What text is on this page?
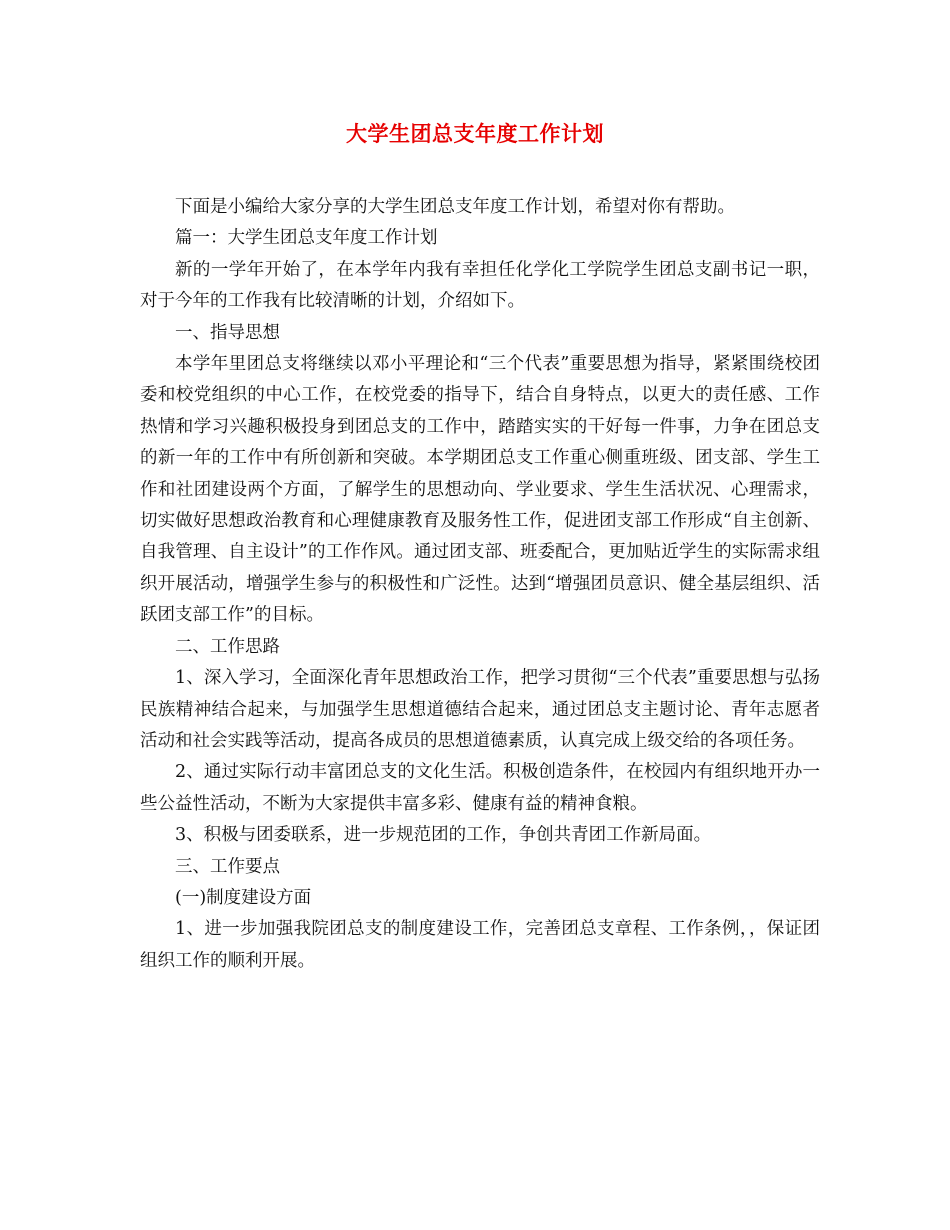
大学生团总支年度工作计划

下面是小编给大家分享的大学生团总支年度工作计划，希望对你有帮助。

篇一：大学生团总支年度工作计划

新的一学年开始了，在本学年内我有幸担任化学化工学院学生团总支副书记一职，对于今年的工作我有比较清晰的计划，介绍如下。

一、指导思想

本学年里团总支将继续以邓小平理论和“三个代表”重要思想为指导，紧紧围绕校团委和校党组织的中心工作，在校党委的指导下，结合自身特点，以更大的责任感、工作热情和学习兴趣积极投身到团总支的工作中，踏踏实实的干好每一件事，力争在团总支的新一年的工作中有所创新和突破。本学期团总支工作重心侧重班级、团支部、学生工作和社团建设两个方面，了解学生的思想动向、学业要求、学生生活状况、心理需求，切实做好思想政治教育和心理健康教育及服务性工作，促进团支部工作形成“自主创新、自我管理、自主设计”的工作作风。通过团支部、班委配合，更加贴近学生的实际需求组织开展活动，增强学生参与的积极性和广泛性。达到“增强团员意识、健全基层组织、活跃团支部工作”的目标。

二、工作思路

1、深入学习，全面深化青年思想政治工作，把学习贯彻“三个代表”重要思想与弘扬民族精神结合起来，与加强学生思想道德结合起来，通过团总支主题讨论、青年志愿者活动和社会实践等活动，提高各成员的思想道德素质，认真完成上级交给的各项任务。

2、通过实际行动丰富团总支的文化生活。积极创造条件，在校园内有组织地开办一些公益性活动，不断为大家提供丰富多彩、健康有益的精神食粮。

3、积极与团委联系，进一步规范团的工作，争创共青团工作新局面。

三、工作要点

(一)制度建设方面

1、进一步加强我院团总支的制度建设工作，完善团总支章程、工作条例，，保证团组织工作的顺利开展。
